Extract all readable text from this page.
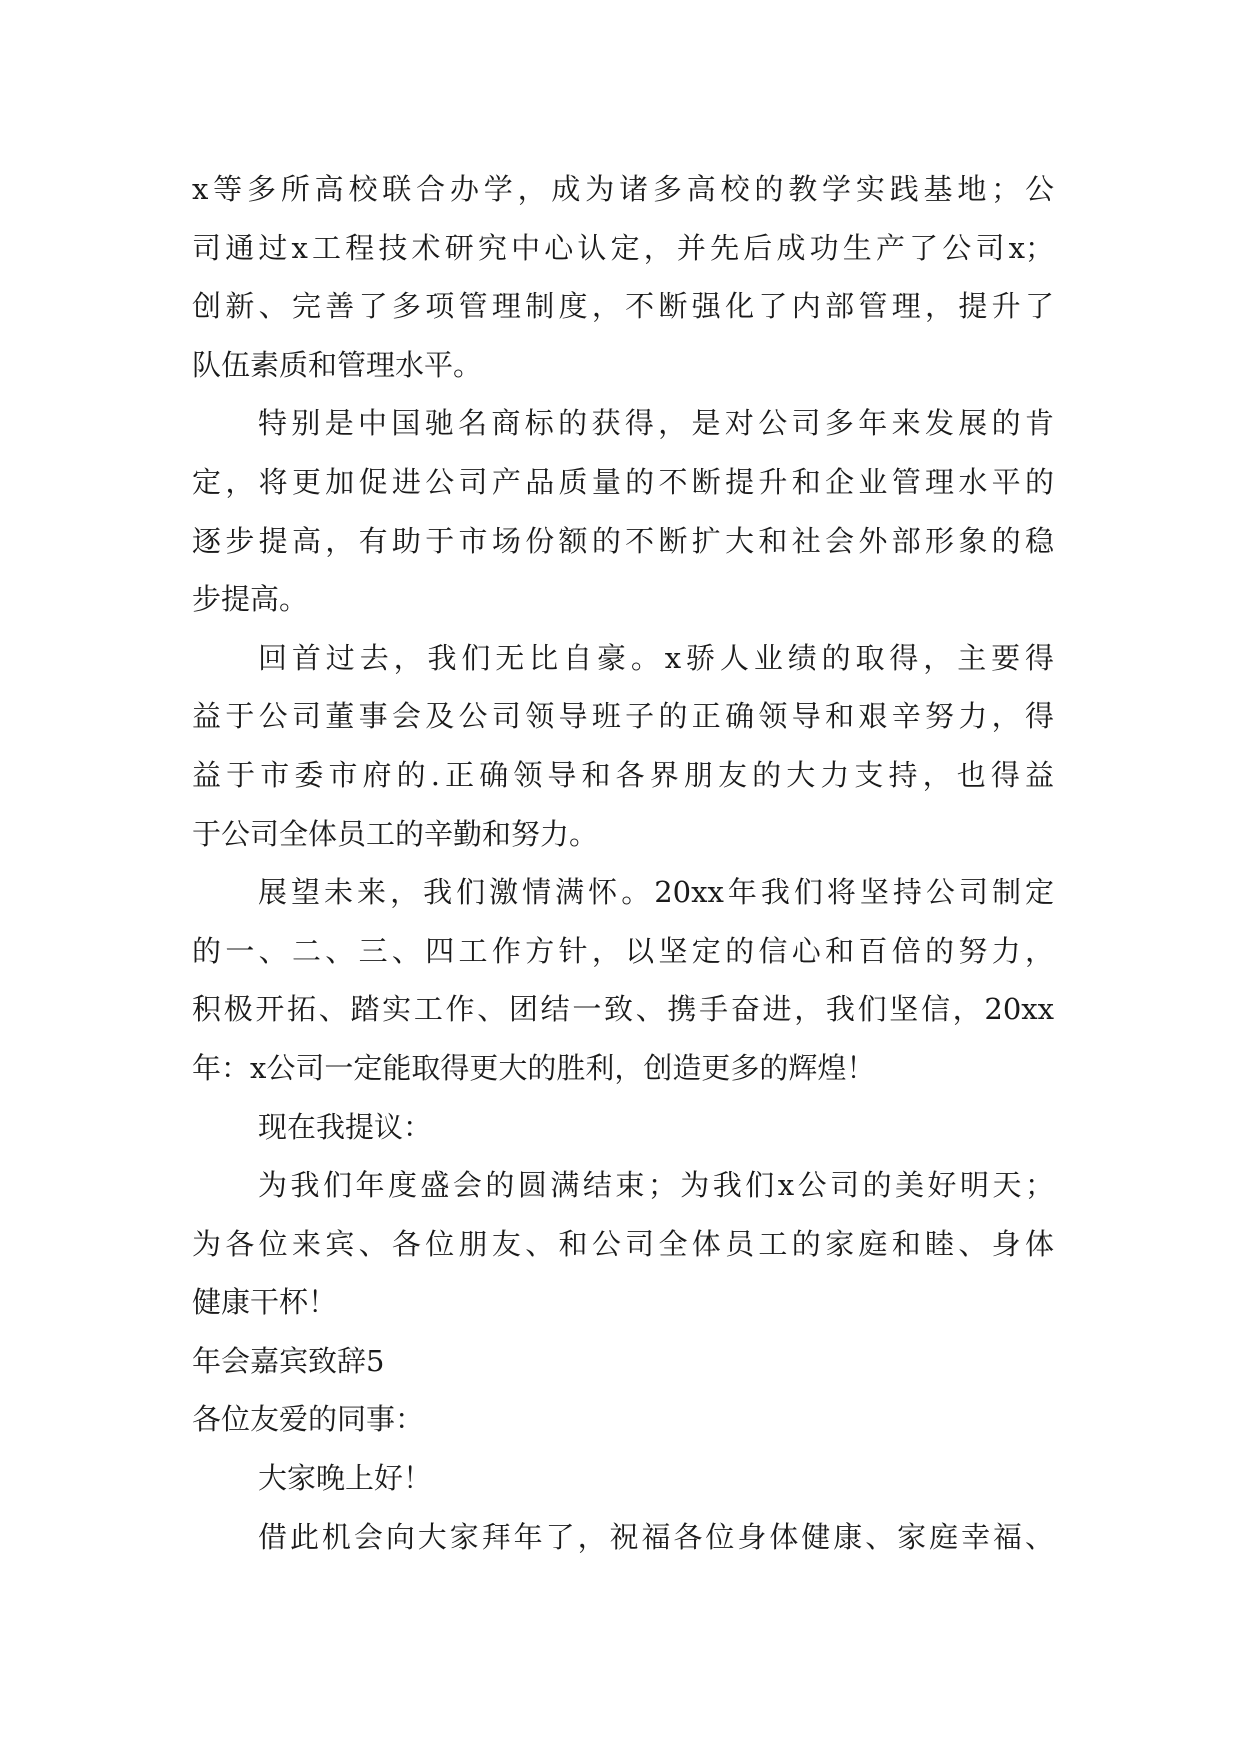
x等多所高校联合办学，成为诸多高校的教学实践基地；公
司通过x工程技术研究中心认定，并先后成功生产了公司x；
创新、完善了多项管理制度，不断强化了内部管理，提升了
队伍素质和管理水平。
特别是中国驰名商标的获得，是对公司多年来发展的肯
定，将更加促进公司产品质量的不断提升和企业管理水平的
逐步提高，有助于市场份额的不断扩大和社会外部形象的稳
步提高。
回首过去，我们无比自豪。x骄人业绩的取得，主要得
益于公司董事会及公司领导班子的正确领导和艰辛努力，得
益于市委市府的.正确领导和各界朋友的大力支持，也得益
于公司全体员工的辛勤和努力。
展望未来，我们激情满怀。20xx年我们将坚持公司制定
的一、二、三、四工作方针，以坚定的信心和百倍的努力，
积极开拓、踏实工作、团结一致、携手奋进，我们坚信，20xx
年：x公司一定能取得更大的胜利，创造更多的辉煌！
现在我提议：
为我们年度盛会的圆满结束；为我们x公司的美好明天；
为各位来宾、各位朋友、和公司全体员工的家庭和睦、身体
健康干杯！
年会嘉宾致辞5
各位友爱的同事：
大家晚上好！
借此机会向大家拜年了，祝福各位身体健康、家庭幸福、
